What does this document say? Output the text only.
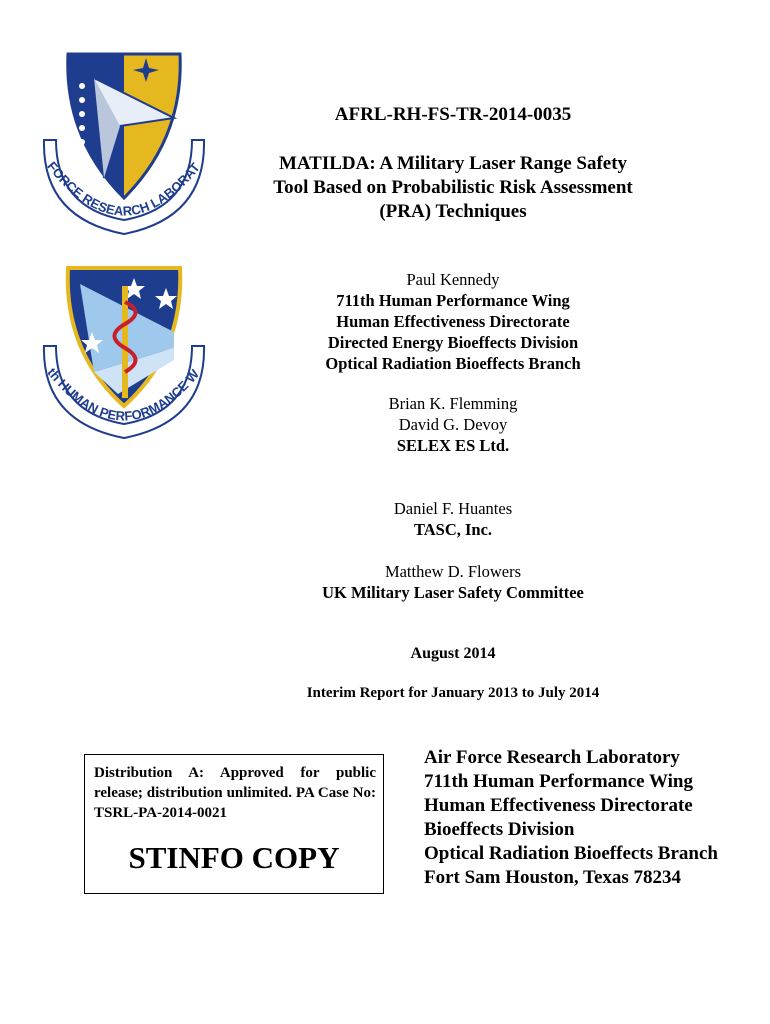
FORCE RESEARCH LABORAT
th HUMAN PERFORMANCE W
AFRL-RH-FS-TR-2014-0035
MATILDA: A Military Laser Range Safety
Tool Based on Probabilistic Risk Assessment
(PRA) Techniques
Paul Kennedy
711th Human Performance Wing
Human Effectiveness Directorate
Directed Energy Bioeffects Division
Optical Radiation Bioeffects Branch
Brian K. Flemming
David G. Devoy
SELEX ES Ltd.
Daniel F. Huantes
TASC, Inc.
Matthew D. Flowers
UK Military Laser Safety Committee
August 2014
Interim Report for January 2013 to July 2014
Distribution A: Approved for public release; distribution unlimited. PA Case No: TSRL-PA-2014-0021
STINFO COPY
Air Force Research Laboratory
711th Human Performance Wing
Human Effectiveness Directorate
Bioeffects Division
Optical Radiation Bioeffects Branch
Fort Sam Houston, Texas 78234
